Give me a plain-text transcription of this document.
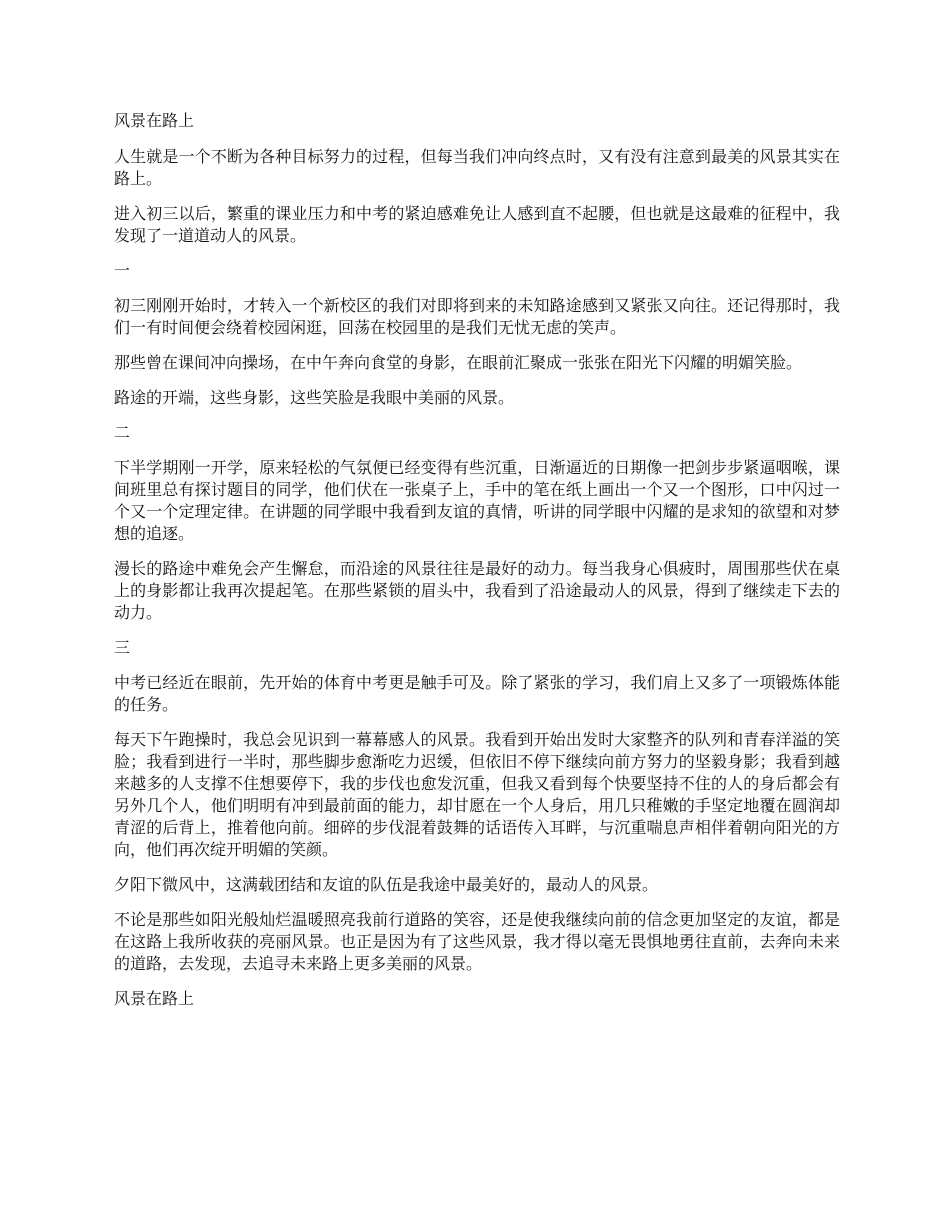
风景在路上

人生就是一个不断为各种目标努力的过程，但每当我们冲向终点时，又有没有注意到最美的风景其实在路上。

进入初三以后，繁重的课业压力和中考的紧迫感难免让人感到直不起腰，但也就是这最难的征程中，我发现了一道道动人的风景。

一

初三刚刚开始时，才转入一个新校区的我们对即将到来的未知路途感到又紧张又向往。还记得那时，我们一有时间便会绕着校园闲逛，回荡在校园里的是我们无忧无虑的笑声。

那些曾在课间冲向操场，在中午奔向食堂的身影，在眼前汇聚成一张张在阳光下闪耀的明媚笑脸。

路途的开端，这些身影，这些笑脸是我眼中美丽的风景。

二

下半学期刚一开学，原来轻松的气氛便已经变得有些沉重，日渐逼近的日期像一把剑步步紧逼咽喉，课间班里总有探讨题目的同学，他们伏在一张桌子上，手中的笔在纸上画出一个又一个图形，口中闪过一个又一个定理定律。在讲题的同学眼中我看到友谊的真情，听讲的同学眼中闪耀的是求知的欲望和对梦想的追逐。

漫长的路途中难免会产生懈怠，而沿途的风景往往是最好的动力。每当我身心俱疲时，周围那些伏在桌上的身影都让我再次提起笔。在那些紧锁的眉头中，我看到了沿途最动人的风景，得到了继续走下去的动力。

三

中考已经近在眼前，先开始的体育中考更是触手可及。除了紧张的学习，我们肩上又多了一项锻炼体能的任务。

每天下午跑操时，我总会见识到一幕幕感人的风景。我看到开始出发时大家整齐的队列和青春洋溢的笑脸；我看到进行一半时，那些脚步愈渐吃力迟缓，但依旧不停下继续向前方努力的坚毅身影；我看到越来越多的人支撑不住想要停下，我的步伐也愈发沉重，但我又看到每个快要坚持不住的人的身后都会有另外几个人，他们明明有冲到最前面的能力，却甘愿在一个人身后，用几只稚嫩的手坚定地覆在圆润却青涩的后背上，推着他向前。细碎的步伐混着鼓舞的话语传入耳畔，与沉重喘息声相伴着朝向阳光的方向，他们再次绽开明媚的笑颜。

夕阳下微风中，这满载团结和友谊的队伍是我途中最美好的，最动人的风景。

不论是那些如阳光般灿烂温暖照亮我前行道路的笑容，还是使我继续向前的信念更加坚定的友谊，都是在这路上我所收获的亮丽风景。也正是因为有了这些风景，我才得以毫无畏惧地勇往直前，去奔向未来的道路，去发现，去追寻未来路上更多美丽的风景。

风景在路上
